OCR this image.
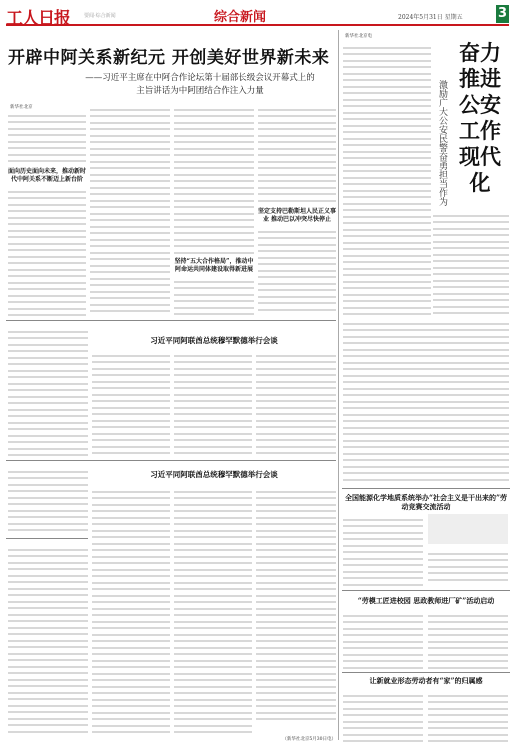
工人日报	要闻·综合新闻	综合新闻	2024年5月31日 星期五	3
开辟中阿关系新纪元 开创美好世界新未来
——习近平主席在中阿合作论坛第十届部长级会议开幕式上的
主旨讲话为中阿团结合作注入力量
新华社北京电
奋力推进公安工作现代化
激励广大公安民警奋勇担当作为
新华社北京
面向历史面向未来，推动新时代中阿关系不断迈上新台阶
坚持“五大合作格局”，推动中阿命运共同体建设取得新进展
坚定支持巴勒斯坦人民正义事业 推动巴以冲突尽快停止
习近平同阿联酋总统穆罕默德举行会谈
习近平同阿联酋总统穆罕默德举行会谈
（新华社北京5月30日电）
全国能源化学地质系统举办“社会主义是干出来的”劳动竞赛交流活动
“劳模工匠进校园 思政教师进厂矿”活动启动
让新就业形态劳动者有“家”的归属感
